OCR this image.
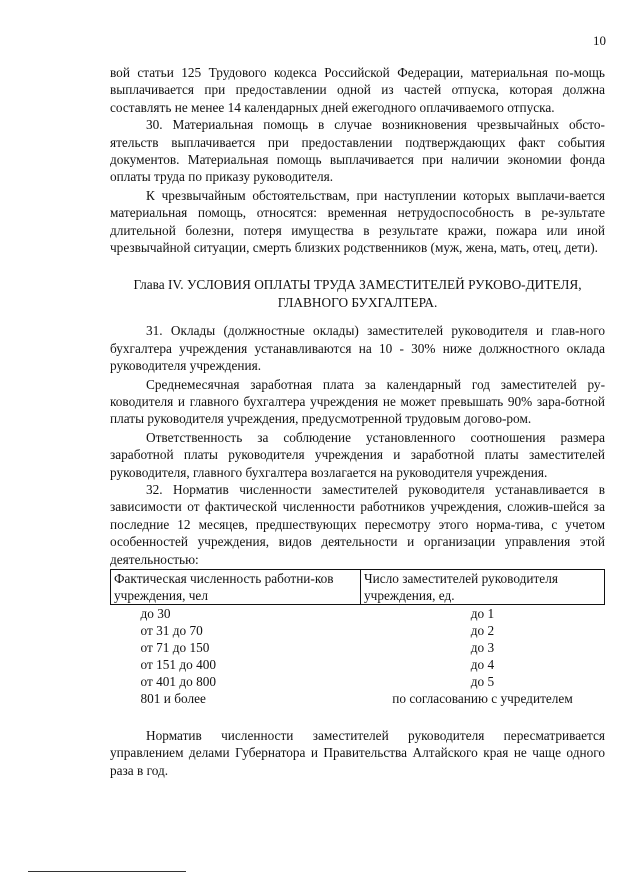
10

вой статьи 125 Трудового кодекса Российской Федерации, материальная по-мощь выплачивается при предоставлении одной из частей отпуска, которая должна составлять не менее 14 календарных дней ежегодного оплачиваемого отпуска.

30. Материальная помощь в случае возникновения чрезвычайных обсто-ятельств выплачивается при предоставлении подтверждающих факт события документов. Материальная помощь выплачивается при наличии экономии фонда оплаты труда по приказу руководителя.

К чрезвычайным обстоятельствам, при наступлении которых выплачи-вается материальная помощь, относятся: временная нетрудоспособность в ре-зультате длительной болезни, потеря имущества в результате кражи, пожара или иной чрезвычайной ситуации, смерть близких родственников (муж, жена, мать, отец, дети).

Глава IV. УСЛОВИЯ ОПЛАТЫ ТРУДА ЗАМЕСТИТЕЛЕЙ РУКОВО-ДИТЕЛЯ, ГЛАВНОГО БУХГАЛТЕРА.

31. Оклады (должностные оклады) заместителей руководителя и глав-ного бухгалтера учреждения устанавливаются на 10 - 30% ниже должностного оклада руководителя учреждения.

Среднемесячная заработная плата за календарный год заместителей ру-ководителя и главного бухгалтера учреждения не может превышать 90% зара-ботной платы руководителя учреждения, предусмотренной трудовым догово-ром.

Ответственность за соблюдение установленного соотношения размера заработной платы руководителя учреждения и заработной платы заместителей руководителя, главного бухгалтера возлагается на руководителя учреждения.

32. Норматив численности заместителей руководителя устанавливается в зависимости от фактической численности работников учреждения, сложив-шейся за последние 12 месяцев, предшествующих пересмотру этого норма-тива, с учетом особенностей учреждения, видов деятельности и организации управления этой деятельностью:

Фактическая численность работни-ков учреждения, чел	Число заместителей руководителя учреждения, ед.
до 30	до 1
от 31 до 70	до 2
от 71 до 150	до 3
от 151 до 400	до 4
от 401 до 800	до 5
801 и более	по согласованию с учредителем

Норматив численности заместителей руководителя пересматривается управлением делами Губернатора и Правительства Алтайского края не чаще одного раза в год.
